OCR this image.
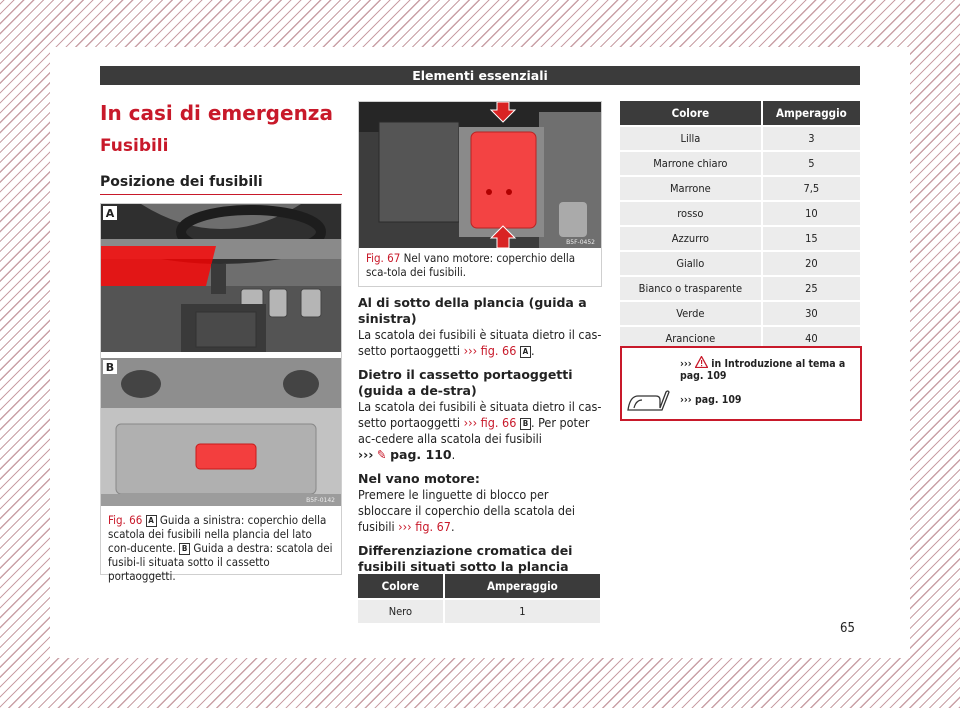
Elementi essenziali
In casi di emergenza
Fusibili
Posizione dei fusibili
A
B
B5F-0142
Fig. 66 A Guida a sinistra: coperchio della scatola dei fusibili nella plancia del lato con-ducente. B Guida a destra: scatola dei fusibi-li situata sotto il cassetto portaoggetti.
B5F-0452
Fig. 67 Nel vano motore: coperchio della sca-tola dei fusibili.
Al di sotto della plancia (guida a sinistra)
La scatola dei fusibili è situata dietro il cas-setto portaoggetti ››› fig. 66 A .
Dietro il cassetto portaoggetti (guida a de-stra)
La scatola dei fusibili è situata dietro il cas-setto portaoggetti ››› fig. 66 B . Per poter ac-cedere alla scatola dei fusibili
››› ✎ pag. 110.
Nel vano motore:
Premere le linguette di blocco per sbloccare il coperchio della scatola dei fusibili ››› fig. 67.
Differenziazione cromatica dei fusibili situati sotto la plancia
Colore	Amperaggio
Nero	1
Colore	Amperaggio
Lilla	3
Marrone chiaro	5
Marrone	7,5
rosso	10
Azzurro	15
Giallo	20
Bianco o trasparente	25
Verde	30
Arancione	40
››› in Introduzione al tema a pag. 109
››› pag. 109
65
